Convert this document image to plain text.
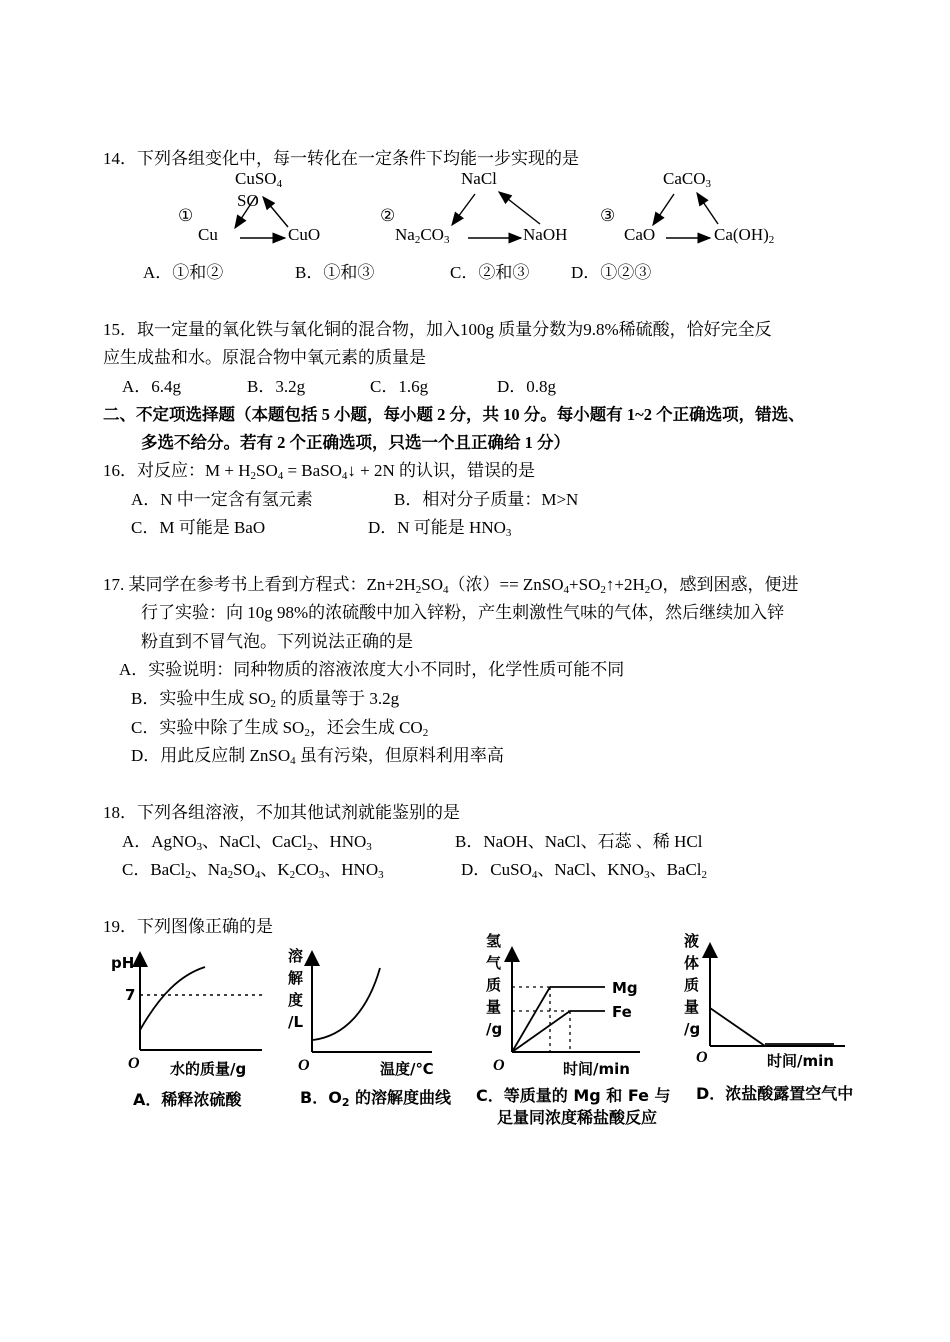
14．下列各组变化中，每一转化在一定条件下均能一步实现的是
①
CuSO$_4$
SO
Cu	CuO
②
NaCl
$Na_2CO_3$	NaOH
③
CaCO$_3$
CaO	$Ca(OH)_2$
A．①和②	B．①和③	C．②和③ D．①②③
15．取一定量的氧化铁与氧化铜的混合物，加入100g 质量分数为9.8%稀硫酸，恰好完全反
应生成盐和水。原混合物中氧元素的质量是
A．6.4g	B．3.2g	C．1.6g	D．0.8g
二、不定项选择题（本题包括 5 小题，每小题 2 分，共 10 分。每小题有 1~2 个正确选项，错选、
多选不给分。若有 2 个正确选项，只选一个且正确给 1 分）
16．对反应：$M + H_2SO_4$ = BaSO$_4$↓ + 2N 的认识，错误的是
A．N 中一定含有氢元素	B．相对分子质量：M>N
C．M 可能是 BaO	D．N 可能是 $HNO_3$
17. 某同学在参考书上看到方程式：$Zn+2H_2SO_4$（浓）== $ZnSO_4+SO_2↑+2H_2O$，感到困惑，便进
行了实验：向 10g 98%的浓硫酸中加入锌粉，产生刺激性气味的气体，然后继续加入锌
粉直到不冒气泡。下列说法正确的是
A．实验说明：同种物质的溶液浓度大小不同时，化学性质可能不同
B．实验中生成 $SO_2$ 的质量等于 3.2g
C．实验中除了生成 $SO_2$，还会生成 $CO_2$
D．用此反应制 ZnSO$_4$ 虽有污染，但原料利用率高
18．下列各组溶液，不加其他试剂就能鉴别的是
A．AgNO$_3$、NaCl、CaCl$_2$、$HNO_3$	B．NaOH、NaCl、石蕊 、稀 HCl
C．BaCl$_2$、$Na_2SO_4$、$K_2CO_3$、$HNO_3$	D．CuSO$_4$、NaCl、$KNO_3$、BaCl$_2$
19．下列图像正确的是
pH
7
O 水的质量/g
A．稀释浓硫酸
溶
解
度
/L
O	温度/℃
B．$O_2$ 的溶解度曲线
氢
气
质
量
/g
Mg
Fe
O	时间/min
C．等质量的 Mg 和 Fe 与
足量同浓度稀盐酸反应
液
体
质
量
/g
O	时间/min
D．浓盐酸露置空气中
